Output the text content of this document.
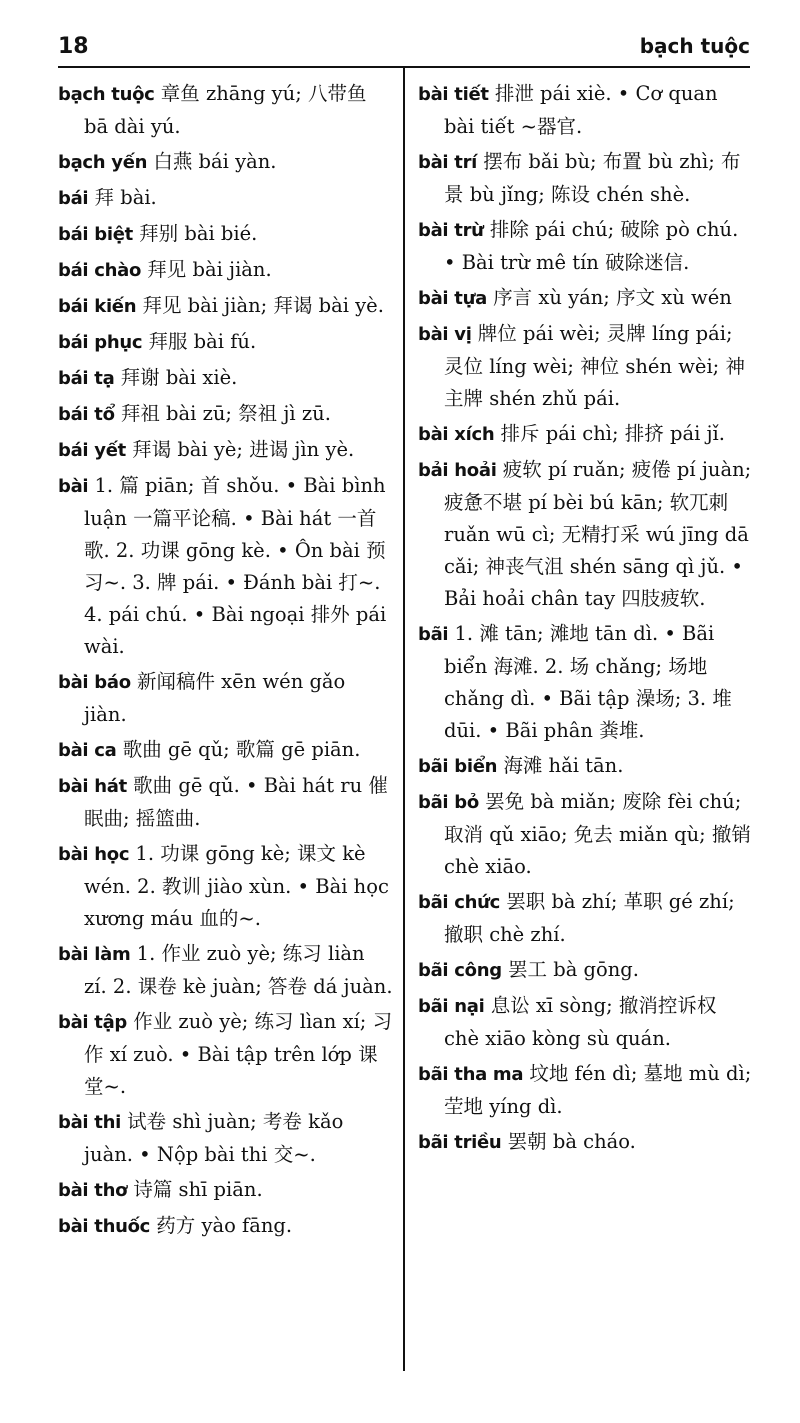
18	bạch tuộc

bạch tuộc 章鱼 zhāng yú; 八带鱼 bā dài yú.

bạch yến 白燕 bái yàn.

bái 拜 bài.

bái biệt 拜别 bài bié.

bái chào 拜见 bài jiàn.

bái kiến 拜见 bài jiàn; 拜谒 bài yè.

bái phục 拜服 bài fú.

bái tạ 拜谢 bài xiè.

bái tổ 拜祖 bài zū; 祭祖 jì zū.

bái yết 拜谒 bài yè; 进谒 jìn yè.

bài 1. 篇 piān; 首 shǒu. • Bài bình luận 一篇平论稿. • Bài hát 一首歌. 2. 功课 gōng kè. • Ôn bài 预习~. 3. 牌 pái. • Đánh bài 打~. 4. pái chú. • Bài ngoại 排外 pái wài.

bài báo 新闻稿件 xēn wén gǎo jiàn.

bài ca 歌曲 gē qǔ; 歌篇 gē piān.

bài hát 歌曲 gē qǔ. • Bài hát ru 催眠曲; 摇篮曲.

bài học 1. 功课 gōng kè; 课文 kè wén. 2. 教训 jiào xùn. • Bài học xương máu 血的~.

bài làm 1. 作业 zuò yè; 练习 liàn zí. 2. 课卷 kè juàn; 答卷 dá juàn.

bài tập 作业 zuò yè; 练习 lìan xí; 习作 xí zuò. • Bài tập trên lớp 课堂~.

bài thi 试卷 shì juàn; 考卷 kǎo juàn. • Nộp bài thi 交~.

bài thơ 诗篇 shī piān.

bài thuốc 药方 yào fāng.

bài tiết 排泄 pái xiè. • Cơ quan bài tiết ~器官.

bài trí 摆布 bǎi bù; 布置 bù zhì; 布景 bù jǐng; 陈设 chén shè.

bài trừ 排除 pái chú; 破除 pò chú. • Bài trừ mê tín 破除迷信.

bài tựa 序言 xù yán; 序文 xù wén

bài vị 牌位 pái wèi; 灵牌 líng pái; 灵位 líng wèi; 神位 shén wèi; 神主牌 shén zhǔ pái.

bài xích 排斥 pái chì; 排挤 pái jǐ.

bải hoải 疲软 pí ruǎn; 疲倦 pí juàn; 疲惫不堪 pí bèi bú kān; 软兀刺 ruǎn wū cì; 无精打采 wú jīng dā cǎi; 神丧气沮 shén sāng qì jǔ. • Bải hoải chân tay 四肢疲软.

bãi 1. 滩 tān; 滩地 tān dì. • Bãi biển 海滩. 2. 场 chǎng; 场地 chǎng dì. • Bãi tập 澡场; 3. 堆 dūi. • Bãi phân 粪堆.

bãi biển 海滩 hǎi tān.

bãi bỏ 罢免 bà miǎn; 废除 fèi chú; 取消 qǔ xiāo; 免去 miǎn qù; 撤销 chè xiāo.

bãi chức 罢职 bà zhí; 革职 gé zhí; 撤职 chè zhí.

bãi công 罢工 bà gōng.

bãi nại 息讼 xī sòng; 撤消控诉权 chè xiāo kòng sù quán.

bãi tha ma 坟地 fén dì; 墓地 mù dì; 茔地 yíng dì.

bãi triều 罢朝 bà cháo.
